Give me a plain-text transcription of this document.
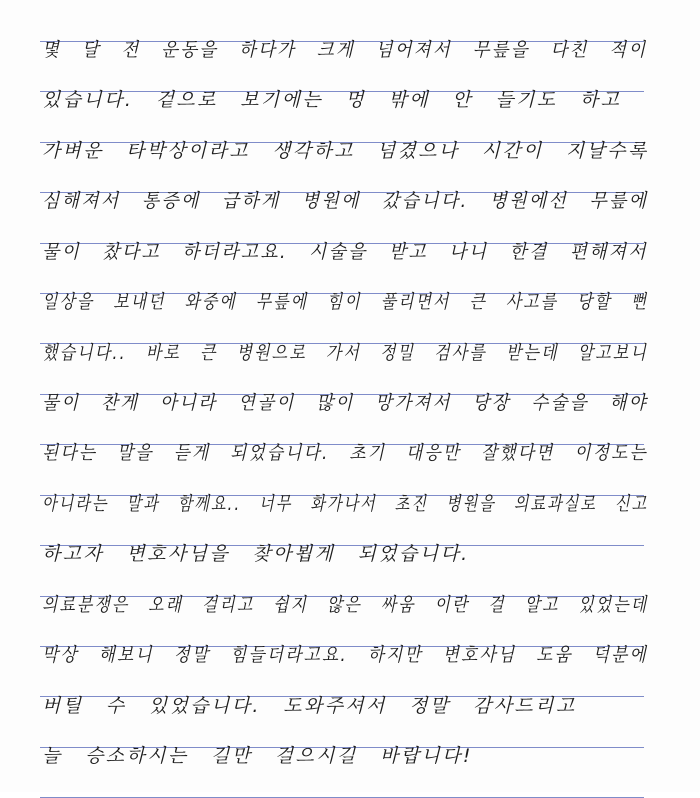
몇 달 전 운동을 하다가 크게 넘어져서 무릎을 다친 적이
있습니다. 겉으로 보기에는 멍 밖에 안 들기도 하고
가벼운 타박상이라고 생각하고 넘겼으나 시간이 지날수록
심해져서 통증에 급하게 병원에 갔습니다. 병원에선 무릎에
물이 찼다고 하더라고요. 시술을 받고 나니 한결 편해져서
일상을 보내던 와중에 무릎에 힘이 풀리면서 큰 사고를 당할 뻔
했습니다.. 바로 큰 병원으로 가서 정밀 검사를 받는데 알고보니
물이 찬게 아니라 연골이 많이 망가져서 당장 수술을 해야
된다는 말을 듣게 되었습니다. 초기 대응만 잘했다면 이정도는
아니라는 말과 함께요.. 너무 화가나서 초진 병원을 의료과실로 신고
하고자 변호사님을 찾아뵙게 되었습니다.
의료분쟁은 오래 걸리고 쉽지 않은 싸움 이란 걸 알고 있었는데
막상 해보니 정말 힘들더라고요. 하지만 변호사님 도움 덕분에
버틸 수 있었습니다. 도와주셔서 정말 감사드리고
늘 승소하시는 길만 걸으시길 바랍니다!
